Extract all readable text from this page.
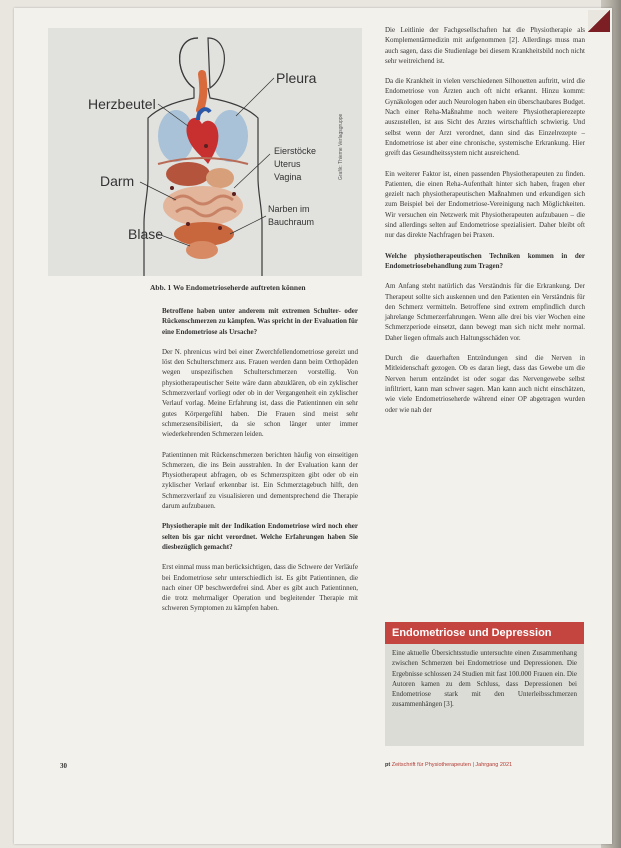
Pleura
Herzbeutel
Eierstöcke
Uterus
Vagina
Darm
Narben im
Bauchraum
Blase
Grafik: Thieme Verlagsgruppe
Abb. 1 Wo Endometrioseherde auftreten können

Betroffene haben unter anderem mit extremen Schulter- oder Rückenschmerzen zu kämpfen. Was spricht in der Evaluation für eine Endometriose als Ursache?

Der N. phrenicus wird bei einer Zwerchfellendometriose gereizt und löst den Schulterschmerz aus. Frauen werden dann beim Orthopäden wegen unspezifischen Schulterschmerzen vorstellig. Von physiotherapeutischer Seite wäre dann abzuklären, ob ein zyklischer Schmerzverlauf vorliegt oder ob in der Vergangenheit ein zyklischer Verlauf vorlag. Meine Erfahrung ist, dass die Patientinnen ein sehr gutes Körpergefühl haben. Die Frauen sind meist sehr schmerzsensibilisiert, da sie schon länger unter immer wiederkehrenden Schmerzen leiden.

Patientinnen mit Rückenschmerzen berichten häufig von einseitigen Schmerzen, die ins Bein ausstrahlen. In der Evaluation kann der Physiotherapeut abfragen, ob es Schmerzspitzen gibt oder ob ein zyklischer Verlauf erkennbar ist. Ein Schmerztagebuch hilft, den Schmerzverlauf zu visualisieren und dementsprechend die Therapie darum aufzubauen.

Physiotherapie mit der Indikation Endometriose wird noch eher selten bis gar nicht verordnet. Welche Erfahrungen haben Sie diesbezüglich gemacht?

Erst einmal muss man berücksichtigen, dass die Schwere der Verläufe bei Endometriose sehr unterschiedlich ist. Es gibt Patientinnen, die nach einer OP beschwerdefrei sind. Aber es gibt auch Patientinnen, die trotz mehrmaliger Operation und begleitender Therapie mit schweren Symptomen zu kämpfen haben.

Die Leitlinie der Fachgesellschaften hat die Physiotherapie als Komplementärmedizin mit aufgenommen [2]. Allerdings muss man auch sagen, dass die Studienlage bei diesem Krankheitsbild noch nicht sehr weitreichend ist.

Da die Krankheit in vielen verschiedenen Silhouetten auftritt, wird die Endometriose von Ärzten auch oft nicht erkannt. Hinzu kommt: Gynäkologen oder auch Neurologen haben ein überschaubares Budget. Nach einer Reha-Maßnahme noch weitere Physiotherapierezepte auszustellen, ist aus Sicht des Arztes wirtschaftlich schwierig. Und selbst wenn der Arzt verordnet, dann sind das Einzelrezepte – Endometriose ist aber eine chronische, systemische Erkrankung. Hier greift das Gesundheitssystem nicht ausreichend.

Ein weiterer Faktor ist, einen passenden Physiotherapeuten zu finden. Patienten, die einen Reha-Aufenthalt hinter sich haben, fragen eher gezielt nach physiotherapeutischen Maßnahmen und erkundigen sich zum Beispiel bei der Endometriose-Vereinigung nach Möglichkeiten. Wir versuchen ein Netzwerk mit Physiotherapeuten aufzubauen – die sind allerdings selten auf Endometriose spezialisiert. Daher bleibt oft nur das direkte Nachfragen bei Praxen.

Welche physiotherapeutischen Techniken kommen in der Endometriosebehandlung zum Tragen?

Am Anfang steht natürlich das Verständnis für die Erkrankung. Der Therapeut sollte sich auskennen und den Patienten ein Verständnis für den Schmerz vermitteln. Betroffene sind extrem empfindlich durch jahrelange Schmerzerfahrungen. Wenn alle drei bis vier Wochen eine Schmerzperiode einsetzt, dann bewegt man sich nicht mehr normal. Daher liegen oftmals auch Haltungsschäden vor.

Durch die dauerhaften Entzündungen sind die Nerven in Mitleidenschaft gezogen. Ob es daran liegt, dass das Gewebe um die Nerven herum entzündet ist oder sogar das Nervengewebe selbst infiltriert, kann man schwer sagen. Man kann auch nicht einschätzen, wie viele Endometrioseherde während einer OP abgetragen wurden oder wie nah der

Endometriose und Depression
Eine aktuelle Übersichtsstudie untersuchte einen Zusammenhang zwischen Schmerzen bei Endometriose und Depressionen. Die Ergebnisse schlossen 24 Studien mit fast 100.000 Frauen ein. Die Autoren kamen zu dem Schluss, dass Depressionen bei Endometriose stark mit den Unterleibsschmerzen zusammenhängen [3].
30	pt Zeitschrift für Physiotherapeuten | Jahrgang 2021
